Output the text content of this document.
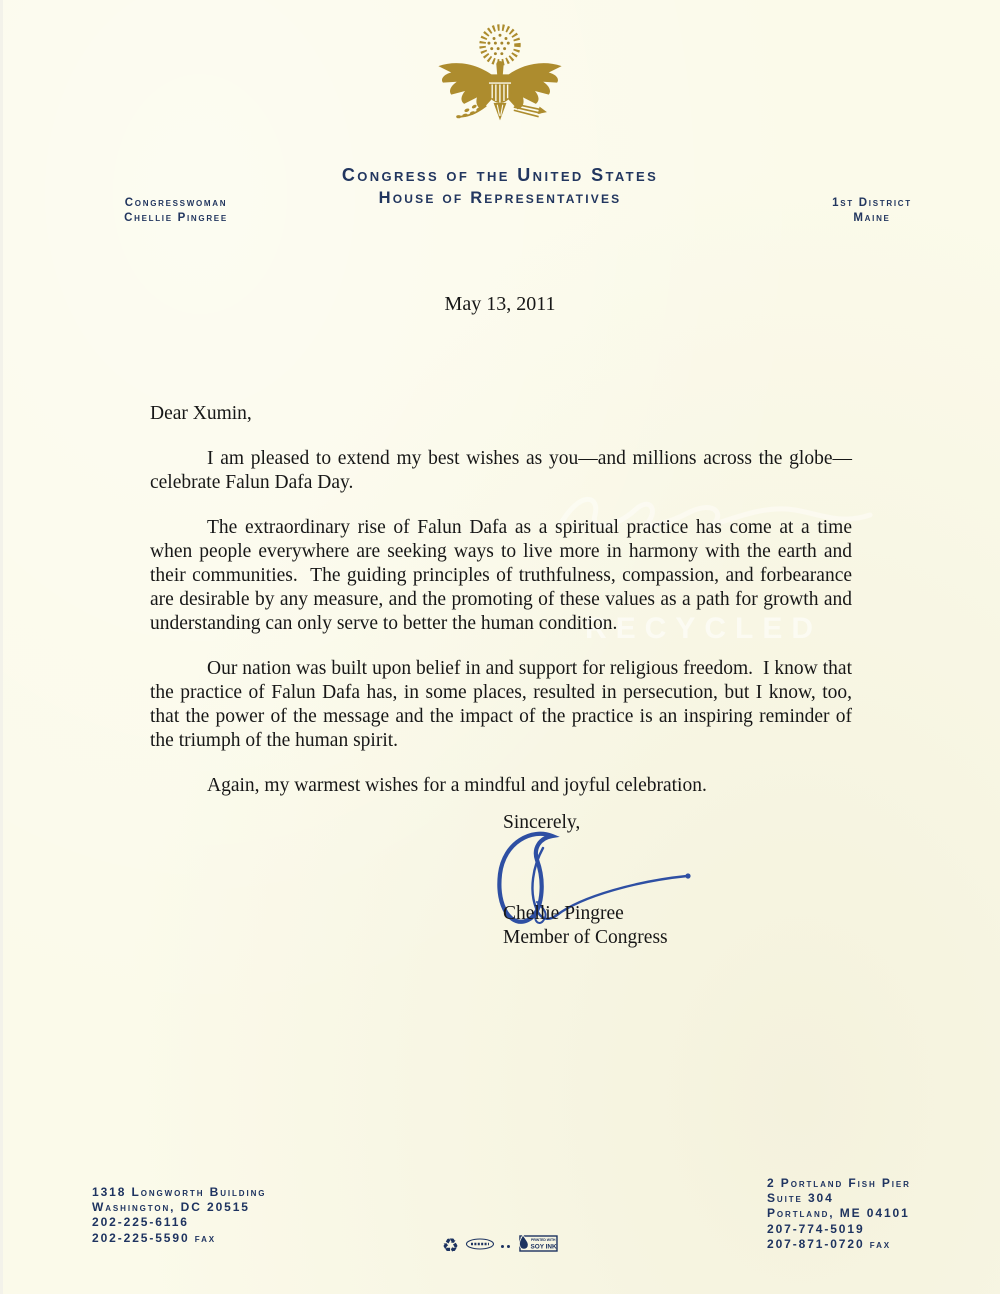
Congress of the United States
House of Representatives
Congresswoman
Chellie Pingree
1st District
Maine
May 13, 2011
RECYCLED

Dear Xumin,

I am pleased to extend my best wishes as you—and millions across the globe—celebrate Falun Dafa Day.

The extraordinary rise of Falun Dafa as a spiritual practice has come at a time when people everywhere are seeking ways to live more in harmony with the earth and their communities.  The guiding principles of truthfulness, compassion, and forbearance are desirable by any measure, and the promoting of these values as a path for growth and understanding can only serve to better the human condition.

Our nation was built upon belief in and support for religious freedom.  I know that the practice of Falun Dafa has, in some places, resulted in persecution, but I know, too, that the power of the message and the impact of the practice is an inspiring reminder of the triumph of the human spirit.

Again, my warmest wishes for a mindful and joyful celebration.

Sincerely,
Chellie Pingree
Member of Congress
1318 Longworth Building
Washington, DC 20515
202-225-6116
202-225-5590 fax
2 Portland Fish Pier
Suite 304
Portland, ME 04101
207-774-5019
207-871-0720 fax
♻	PRINTED WITH
SOY INK
